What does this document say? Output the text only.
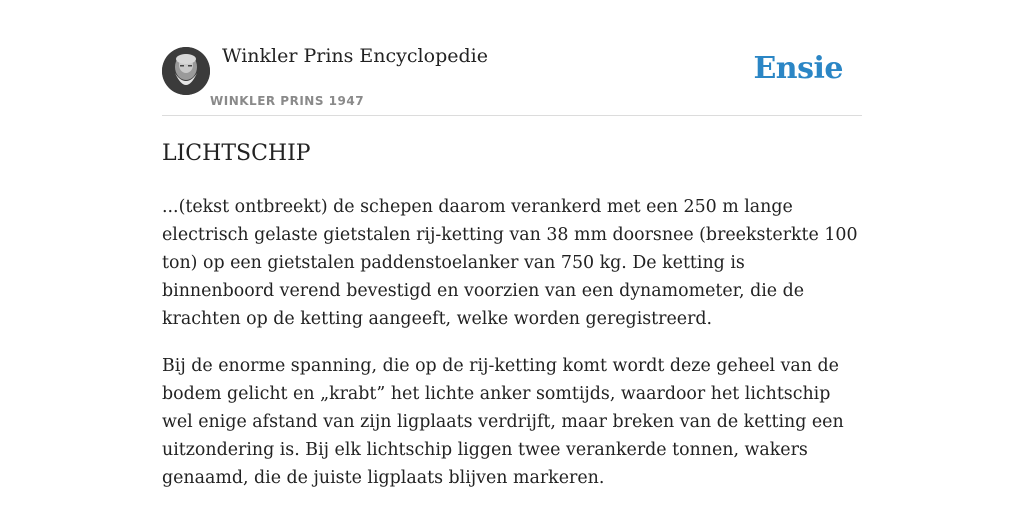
Winkler Prins Encyclopedie
WINKLER PRINS 1947
Ensie
LICHTSCHIP

...(tekst ontbreekt) de schepen daarom verankerd met een 250 m lange electrisch gelaste gietstalen rij-ketting van 38 mm doorsnee (breeksterkte 100 ton) op een gietstalen paddenstoelanker van 750 kg. De ketting is binnenboord verend bevestigd en voorzien van een dynamometer, die de krachten op de ketting aangeeft, welke worden geregistreerd.

Bij de enorme spanning, die op de rij-ketting komt wordt deze geheel van de bodem gelicht en „krabt” het lichte anker somtijds, waardoor het lichtschip wel enige afstand van zijn ligplaats verdrijft, maar breken van de ketting een uitzondering is. Bij elk lichtschip liggen twee verankerde tonnen, wakers genaamd, die de juiste ligplaats blijven markeren.
